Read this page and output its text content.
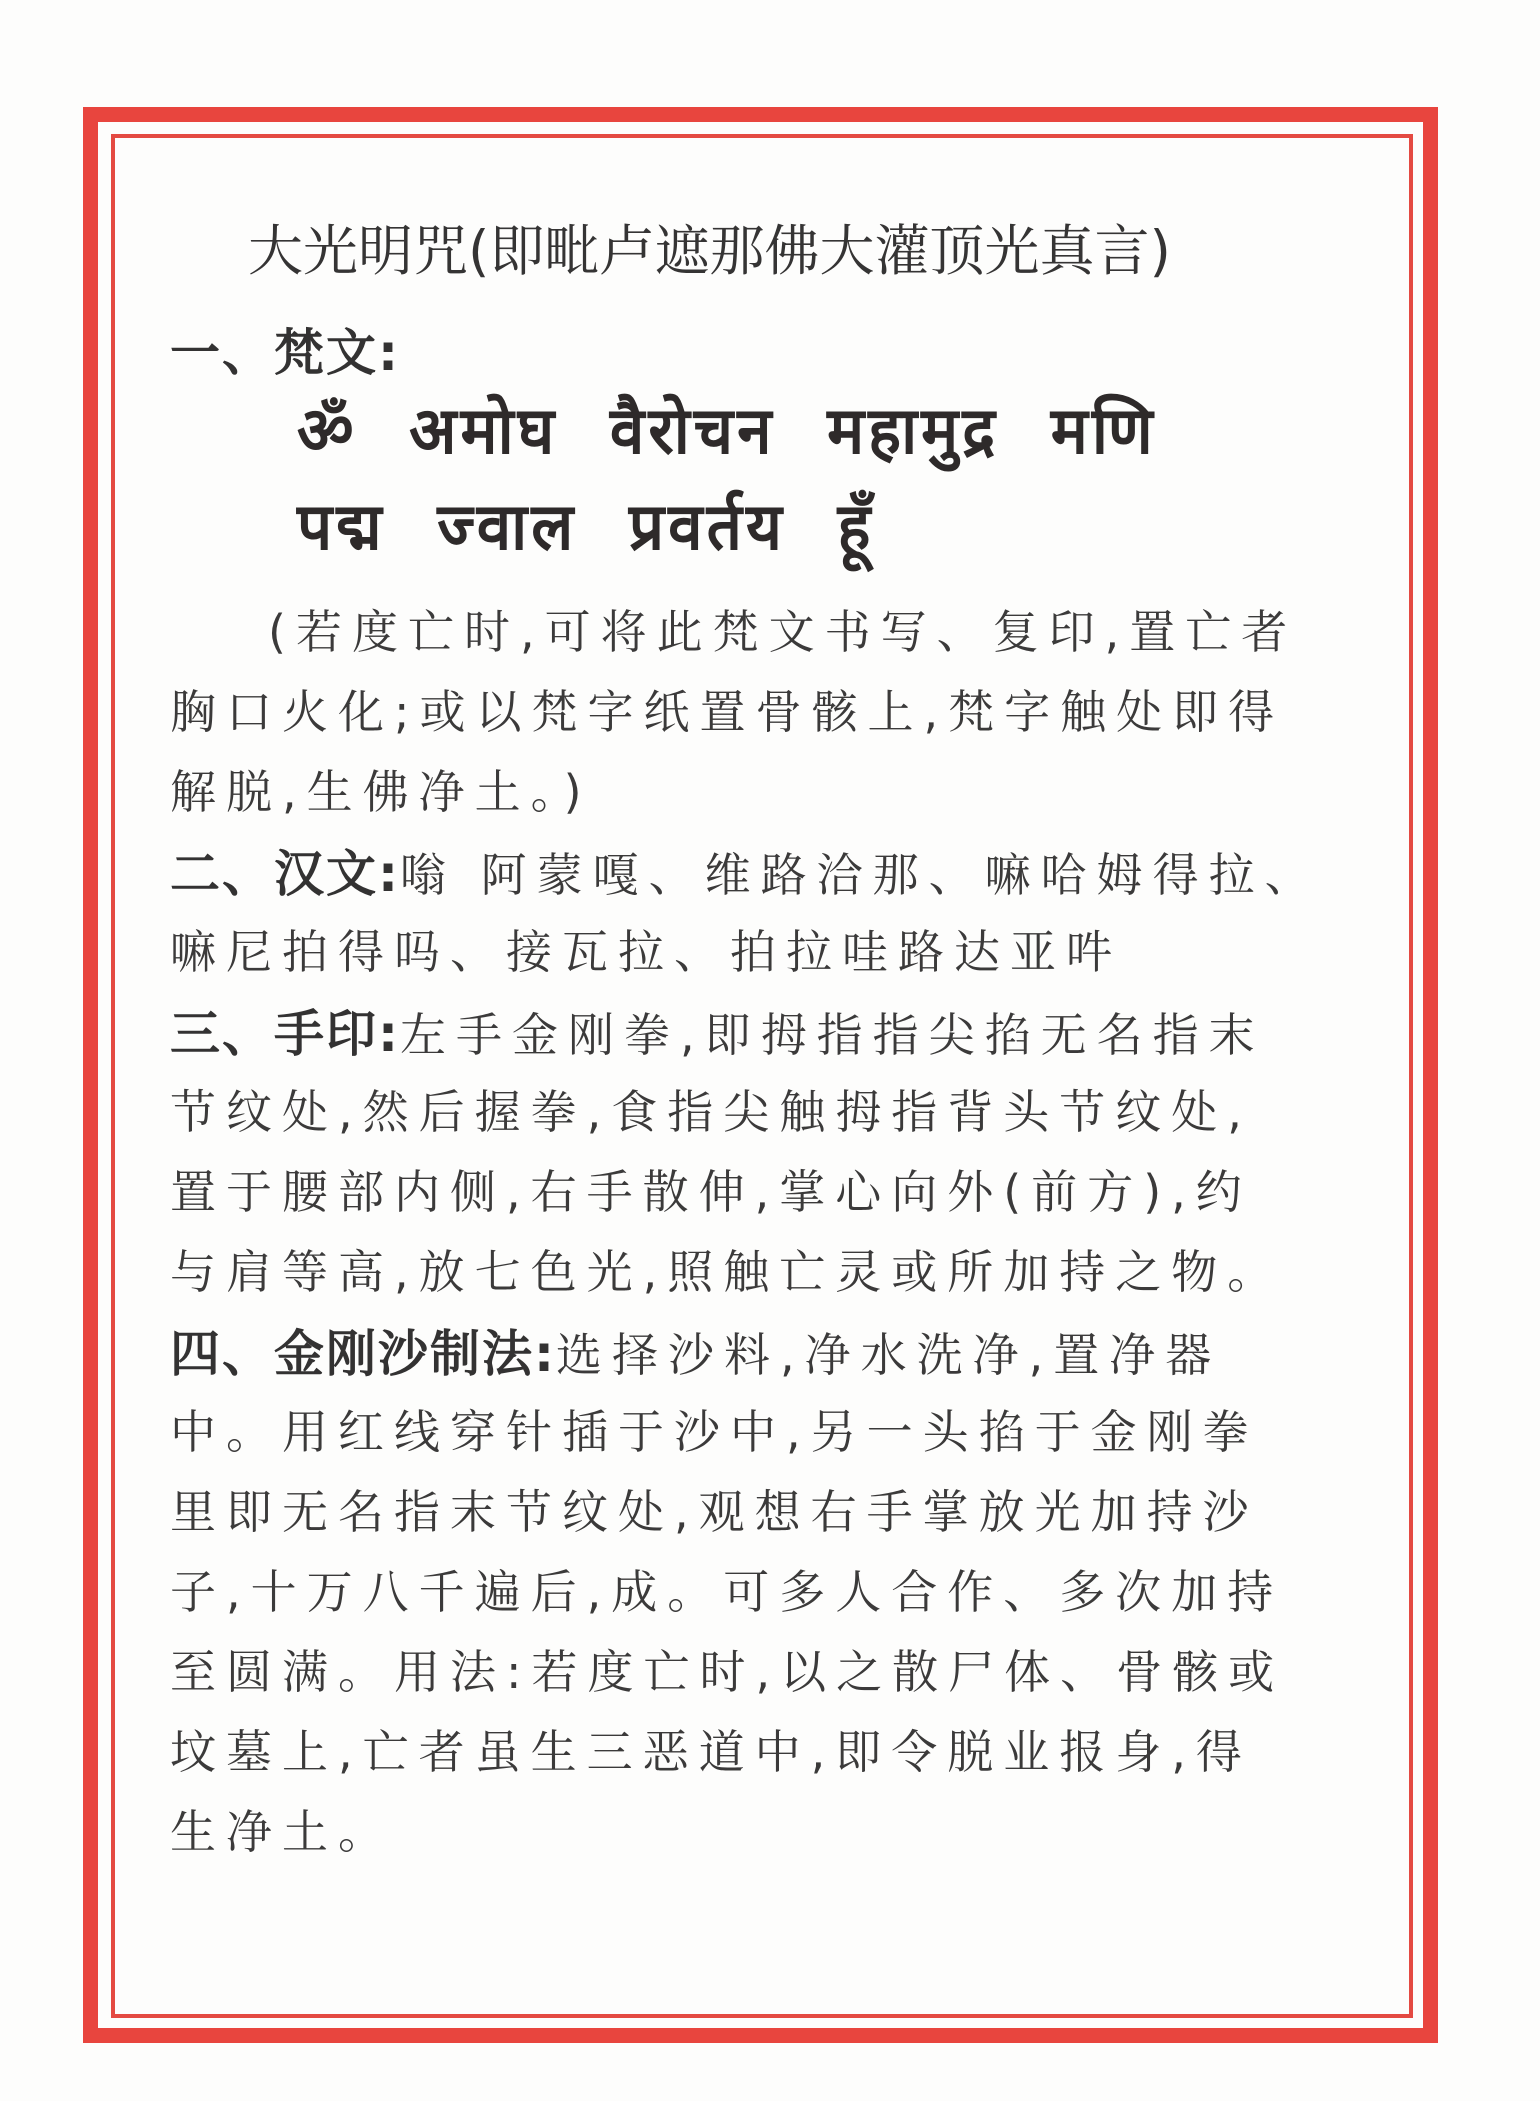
大光明咒(即毗卢遮那佛大灌顶光真言)
一、梵文:
ॐ अमोघ वैरोचन महामुद्र मणि
पद्म ज्वाल प्रवर्तय हूँ
(若度亡时,可将此梵文书写、复印,置亡者
胸口火化;或以梵字纸置骨骸上,梵字触处即得
解脱,生佛净土。)
二、汉文:嗡 阿蒙嘎、维路洽那、嘛哈姆得拉、
嘛尼拍得吗、接瓦拉、拍拉哇路达亚吽
三、手印:左手金刚拳,即拇指指尖掐无名指末
节纹处,然后握拳,食指尖触拇指背头节纹处,
置于腰部内侧,右手散伸,掌心向外(前方),约
与肩等高,放七色光,照触亡灵或所加持之物。
四、金刚沙制法:选择沙料,净水洗净,置净器
中。用红线穿针插于沙中,另一头掐于金刚拳
里即无名指末节纹处,观想右手掌放光加持沙
子,十万八千遍后,成。可多人合作、多次加持
至圆满。用法:若度亡时,以之散尸体、骨骸或
坟墓上,亡者虽生三恶道中,即令脱业报身,得
生净土。
